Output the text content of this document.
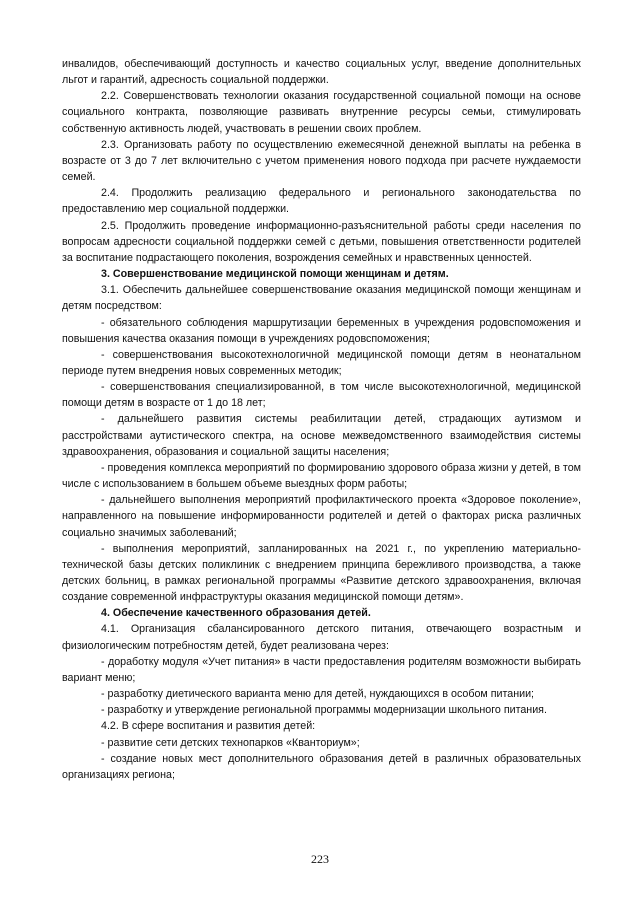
инвалидов, обеспечивающий доступность и качество социальных услуг, введение дополнительных льгот и гарантий, адресность социальной поддержки.

2.2. Совершенствовать технологии оказания государственной социальной помощи на основе социального контракта, позволяющие развивать внутренние ресурсы семьи, стимулировать собственную активность людей, участвовать в решении своих проблем.

2.3. Организовать работу по осуществлению ежемесячной денежной выплаты на ребенка в возрасте от 3 до 7 лет включительно с учетом применения нового подхода при расчете нуждаемости семей.

2.4. Продолжить реализацию федерального и регионального законодательства по предоставлению мер социальной поддержки.

2.5. Продолжить проведение информационно-разъяснительной работы среди населения по вопросам адресности социальной поддержки семей с детьми, повышения ответственности родителей за воспитание подрастающего поколения, возрождения семейных и нравственных ценностей.

3. Совершенствование медицинской помощи женщинам и детям.

3.1. Обеспечить дальнейшее совершенствование оказания медицинской помощи женщинам и детям посредством:

- обязательного соблюдения маршрутизации беременных в учреждения родовспоможения и повышения качества оказания помощи в учреждениях родовспоможения;

- совершенствования высокотехнологичной медицинской помощи детям в неонатальном периоде путем внедрения новых современных методик;

- совершенствования специализированной, в том числе высокотехнологичной, медицинской помощи детям в возрасте от 1 до 18 лет;

- дальнейшего развития системы реабилитации детей, страдающих аутизмом и расстройствами аутистического спектра, на основе межведомственного взаимодействия системы здравоохранения, образования и социальной защиты населения;

- проведения комплекса мероприятий по формированию здорового образа жизни у детей, в том числе с использованием в большем объеме выездных форм работы;

- дальнейшего выполнения мероприятий профилактического проекта «Здоровое поколение», направленного на повышение информированности родителей и детей о факторах риска различных социально значимых заболеваний;

- выполнения мероприятий, запланированных на 2021 г., по укреплению материально-технической базы детских поликлиник с внедрением принципа бережливого производства, а также детских больниц, в рамках региональной программы «Развитие детского здравоохранения, включая создание современной инфраструктуры оказания медицинской помощи детям».

4. Обеспечение качественного образования детей.

4.1. Организация сбалансированного детского питания, отвечающего возрастным и физиологическим потребностям детей, будет реализована через:

- доработку модуля «Учет питания» в части предоставления родителям возможности выбирать вариант меню;

- разработку диетического варианта меню для детей, нуждающихся в особом питании;

- разработку и утверждение региональной программы модернизации школьного питания.

4.2. В сфере воспитания и развития детей:

- развитие сети детских технопарков «Кванториум»;

- создание новых мест дополнительного образования детей в различных образовательных организациях региона;

223
